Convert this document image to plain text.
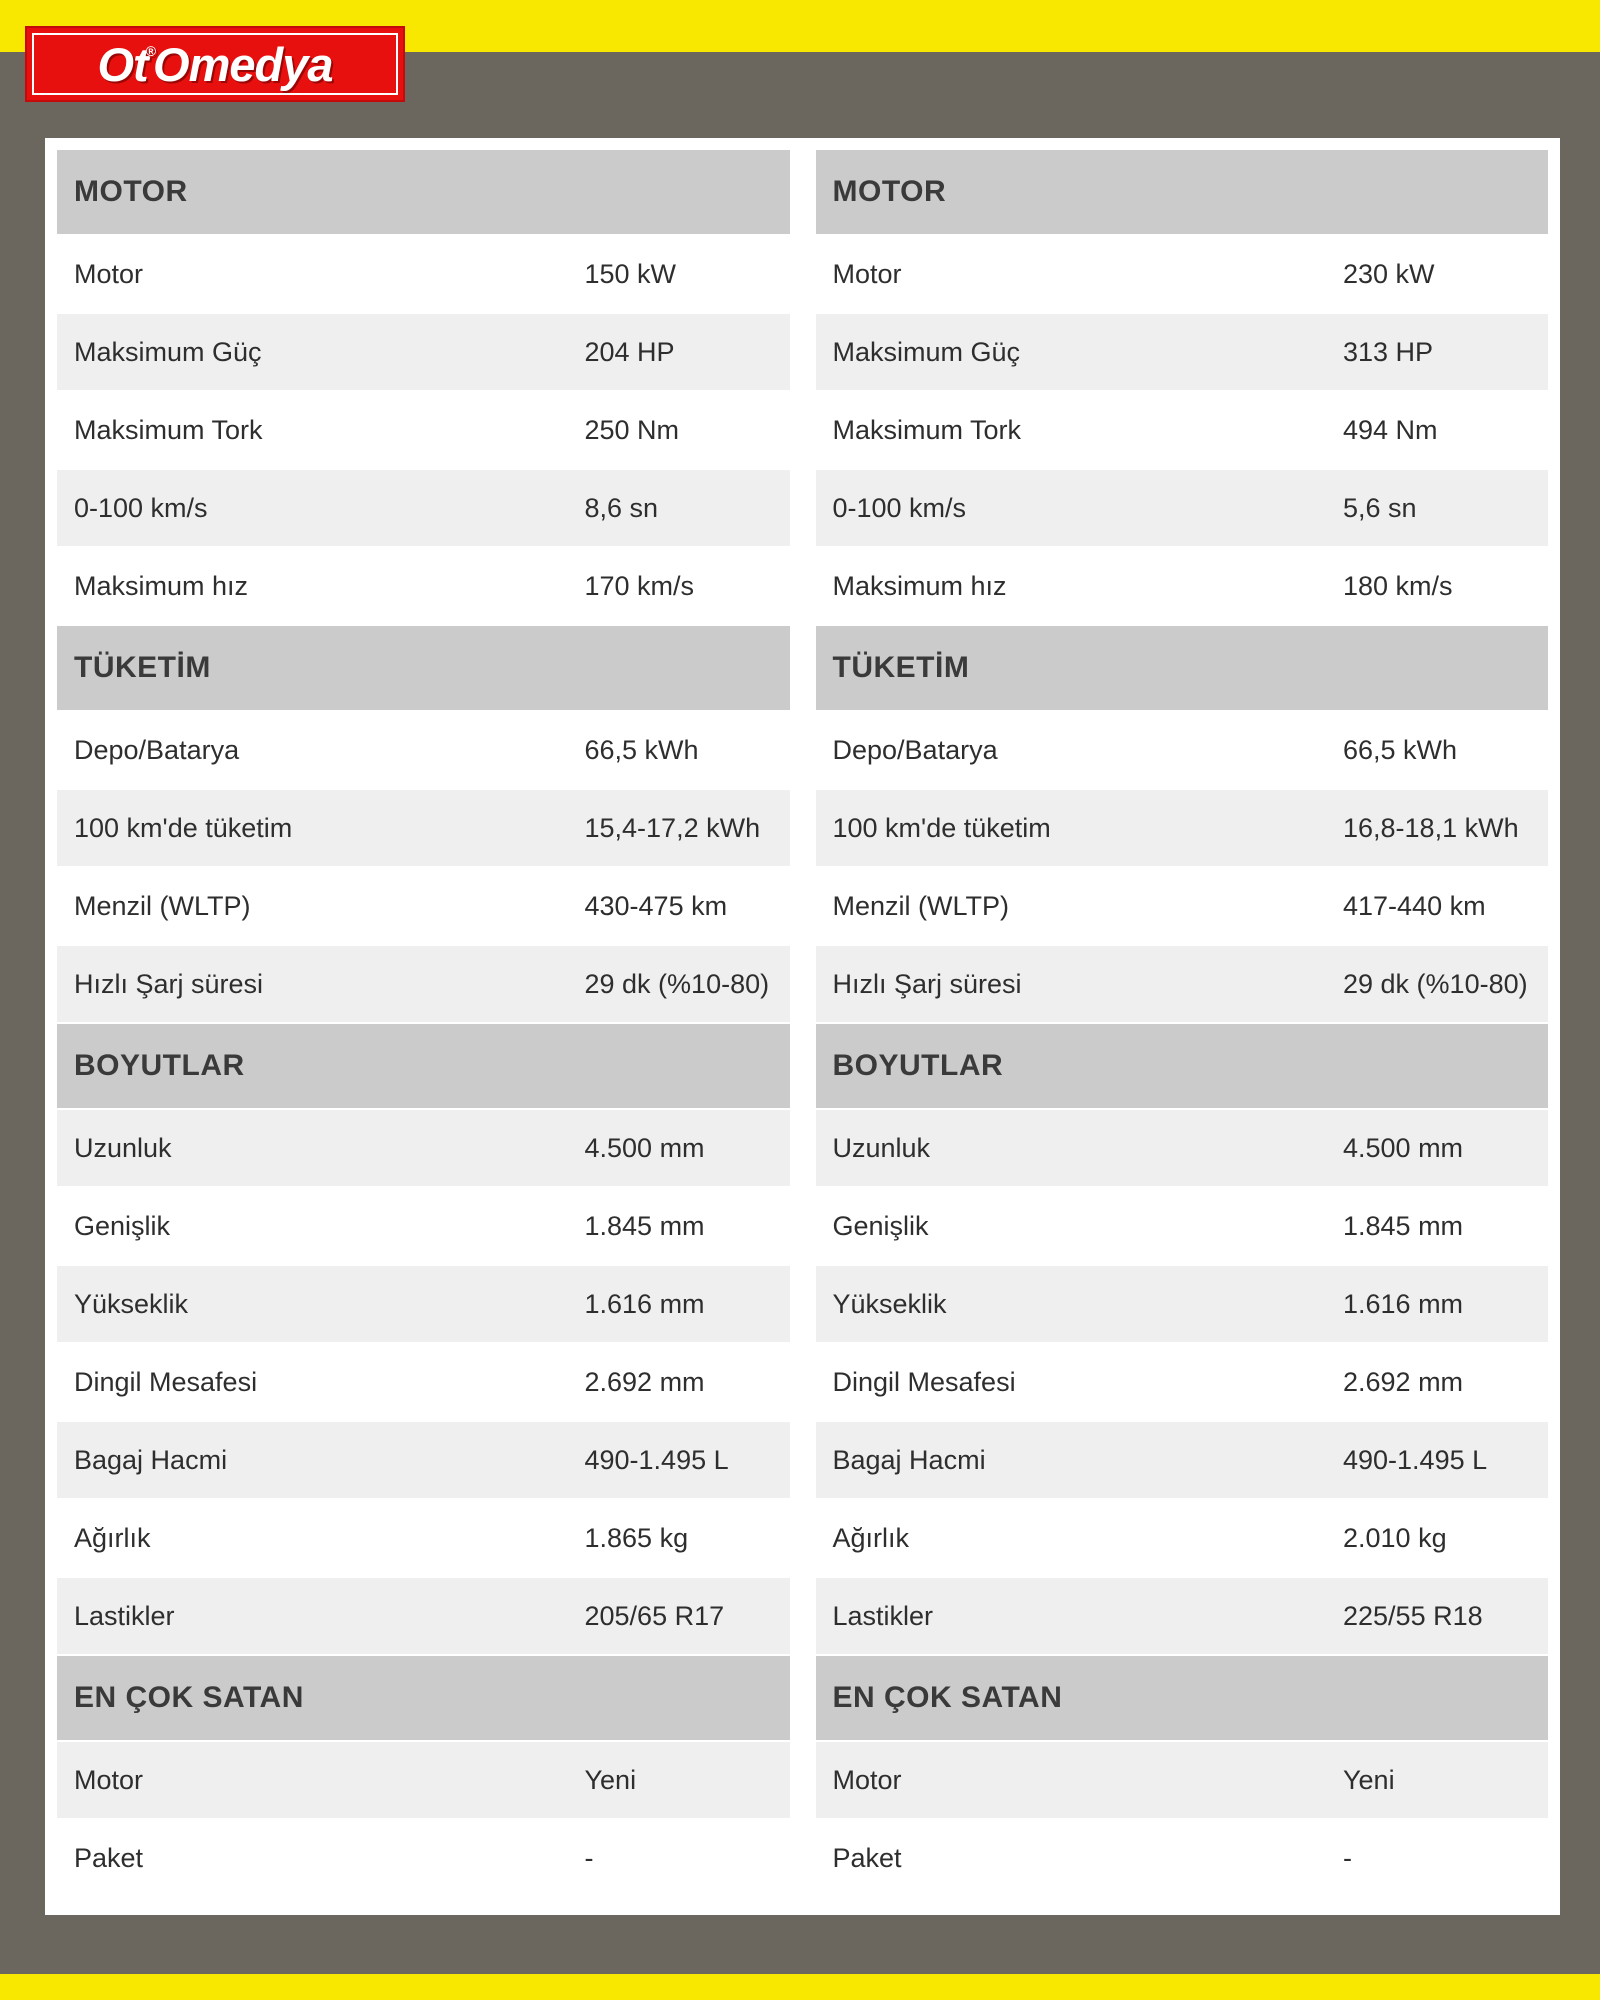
Ot®Omedya
MOTOR
Motor	150 kW
Maksimum Güç	204 HP
Maksimum Tork	250 Nm
0-100 km/s	8,6 sn
Maksimum hız	170 km/s
TÜKETİM
Depo/Batarya	66,5 kWh
100 km'de tüketim	15,4-17,2 kWh
Menzil (WLTP)	430-475 km
Hızlı Şarj süresi	29 dk (%10-80)
BOYUTLAR
Uzunluk	4.500 mm
Genişlik	1.845 mm
Yükseklik	1.616 mm
Dingil Mesafesi	2.692 mm
Bagaj Hacmi	490-1.495 L
Ağırlık	1.865 kg
Lastikler	205/65 R17
EN ÇOK SATAN
Motor	Yeni
Paket	-
MOTOR
Motor	230 kW
Maksimum Güç	313 HP
Maksimum Tork	494 Nm
0-100 km/s	5,6 sn
Maksimum hız	180 km/s
TÜKETİM
Depo/Batarya	66,5 kWh
100 km'de tüketim	16,8-18,1 kWh
Menzil (WLTP)	417-440 km
Hızlı Şarj süresi	29 dk (%10-80)
BOYUTLAR
Uzunluk	4.500 mm
Genişlik	1.845 mm
Yükseklik	1.616 mm
Dingil Mesafesi	2.692 mm
Bagaj Hacmi	490-1.495 L
Ağırlık	2.010 kg
Lastikler	225/55 R18
EN ÇOK SATAN
Motor	Yeni
Paket	-
